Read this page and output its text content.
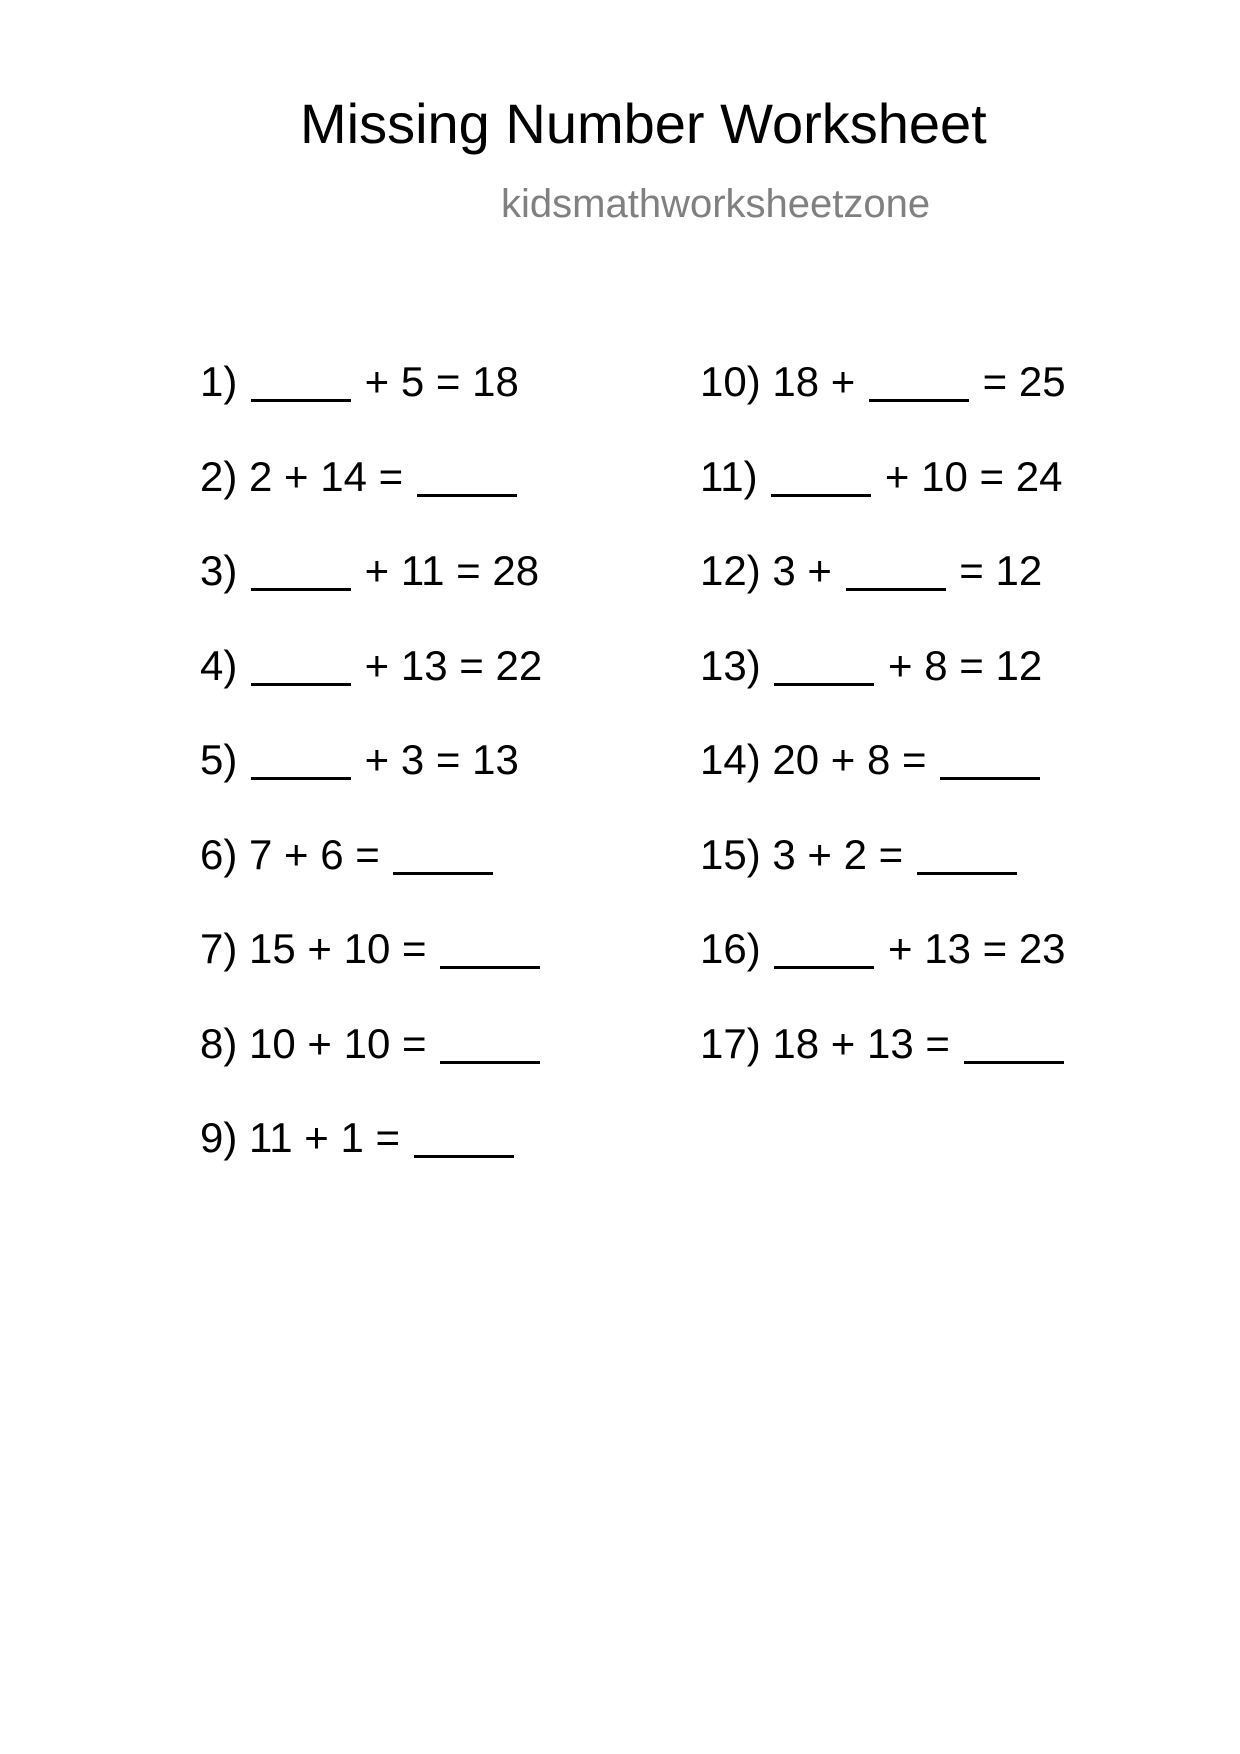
Missing Number Worksheet
kidsmathworksheetzone
1)  + 5 = 18
2) 2 + 14 =
3)  + 11 = 28
4)  + 13 = 22
5)  + 3 = 13
6) 7 + 6 =
7) 15 + 10 =
8) 10 + 10 =
9) 11 + 1 =
10) 18 +  = 25
11)  + 10 = 24
12) 3 +  = 12
13)  + 8 = 12
14) 20 + 8 =
15) 3 + 2 =
16)  + 13 = 23
17) 18 + 13 =
